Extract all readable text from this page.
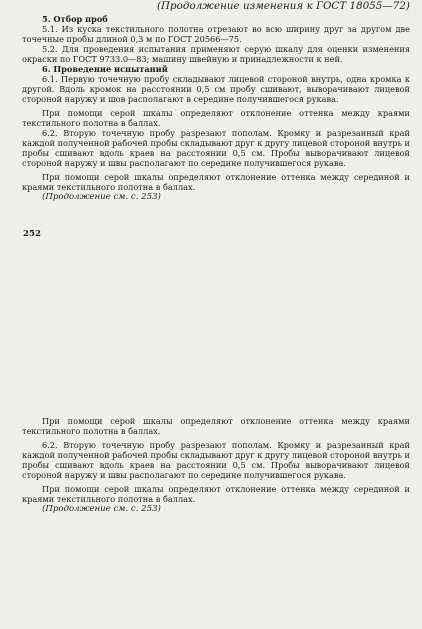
(Продолжение изменения к ГОСТ 18055—72)

5. Отбор проб

5.1. Из куска текстильного полотна отрезают во всю ширину друг за другом две точечные пробы длиной 0,3 м по ГОСТ 20566—75.

5.2. Для проведения испытания применяют серую шкалу для оценки изменения окраски по ГОСТ 9733.0—83; машину швейную и принадлежности к ней.

6. Проведение испытаний

6.1. Первую точечную пробу складывают лицевой стороной внутрь, одна кромка к другой. Вдоль кромок на расстоянии 0,5 см пробу сшивают, выворачивают лицевой стороной наружу и шов располагают в середине получившегося рукава.

При помощи серой шкалы определяют отклонение оттенка между краями текстильного полотна в баллах.

6.2. Вторую точечную пробу разрезают пополам. Кромку и разрезанный край каждой полученной рабочей пробы складывают друг к другу лицевой стороной внутрь и пробы сшивают вдоль краев на расстоянии 0,5 см. Пробы выворачивают лицевой стороной наружу и швы располагают по середине получившегося рукава.

При помощи серой шкалы определяют отклонение оттенка между серединой и краями текстильного полотна в баллах.

(Продолжение см. с. 253)

252

При помощи серой шкалы определяют отклонение оттенка между краями текстильного полотна в баллах.

6.2. Вторую точечную пробу разрезают пополам. Кромку и разрезанный край каждой полученной рабочей пробы складывают друг к другу лицевой стороной внутрь и пробы сшивают вдоль краев на расстоянии 0,5 см. Пробы выворачивают лицевой стороной наружу и швы располагают по середине получившегося рукава.

При помощи серой шкалы определяют отклонение оттенка между серединой и краями текстильного полотна в баллах.

(Продолжение см. с. 253)
